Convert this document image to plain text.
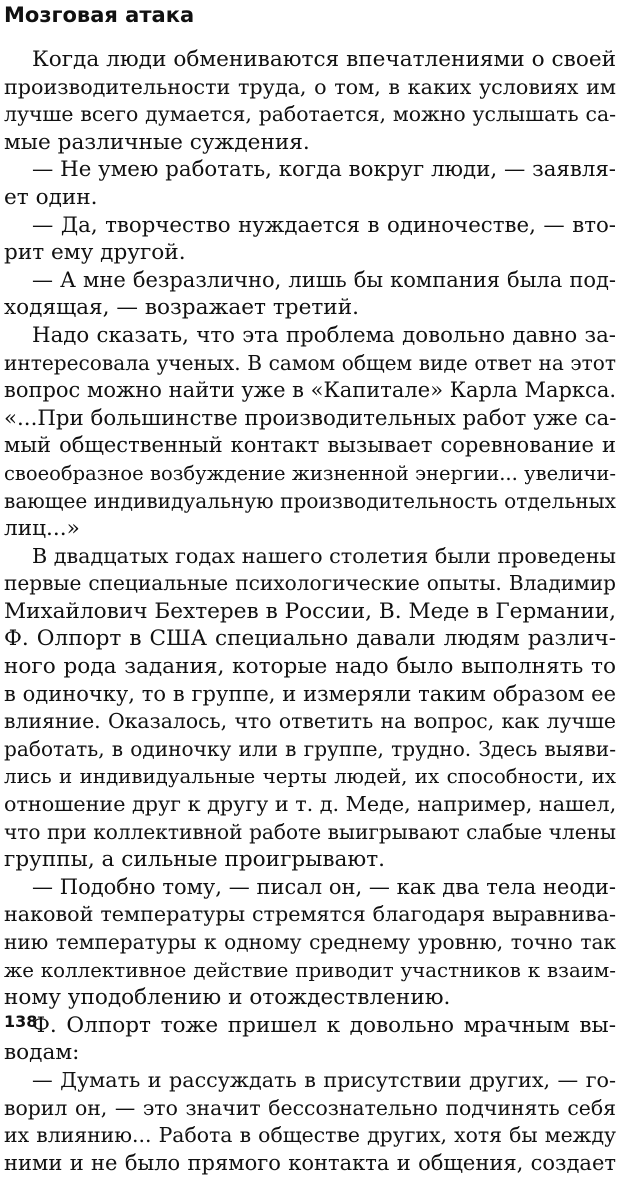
Мозговая атака
Когда люди обмениваются впечатлениями о своей
производительности труда, о том, в каких условиях им
лучше всего думается, работается, можно услышать са-
мые различные суждения.
— Не умею работать, когда вокруг люди, — заявля-
ет один.
— Да, творчество нуждается в одиночестве, — вто-
рит ему другой.
— А мне безразлично, лишь бы компания была под-
ходящая, — возражает третий.
Надо сказать, что эта проблема довольно давно за-
интересовала ученых. В самом общем виде ответ на этот
вопрос можно найти уже в «Капитале» Карла Маркса.
«...При большинстве производительных работ уже са-
мый общественный контакт вызывает соревнование и
своеобразное возбуждение жизненной энергии... увеличи-
вающее индивидуальную производительность отдельных
лиц...»
В двадцатых годах нашего столетия были проведены
первые специальные психологические опыты. Владимир
Михайлович Бехтерев в России, В. Меде в Германии,
Ф. Олпорт в США специально давали людям различ-
ного рода задания, которые надо было выполнять то
в одиночку, то в группе, и измеряли таким образом ее
влияние. Оказалось, что ответить на вопрос, как лучше
работать, в одиночку или в группе, трудно. Здесь выяви-
лись и индивидуальные черты людей, их способности, их
отношение друг к другу и т. д. Меде, например, нашел,
что при коллективной работе выигрывают слабые члены
группы, а сильные проигрывают.
— Подобно тому, — писал он, — как два тела неоди-
наковой температуры стремятся благодаря выравнива-
нию температуры к одному среднему уровню, точно так
же коллективное действие приводит участников к взаим-
ному уподоблению и отождествлению.
Ф. Олпорт тоже пришел к довольно мрачным вы-
водам:
— Думать и рассуждать в присутствии других, — го-
ворил он, — это значит бессознательно подчинять себя
их влиянию... Работа в обществе других, хотя бы между
ними и не было прямого контакта и общения, создает
138
